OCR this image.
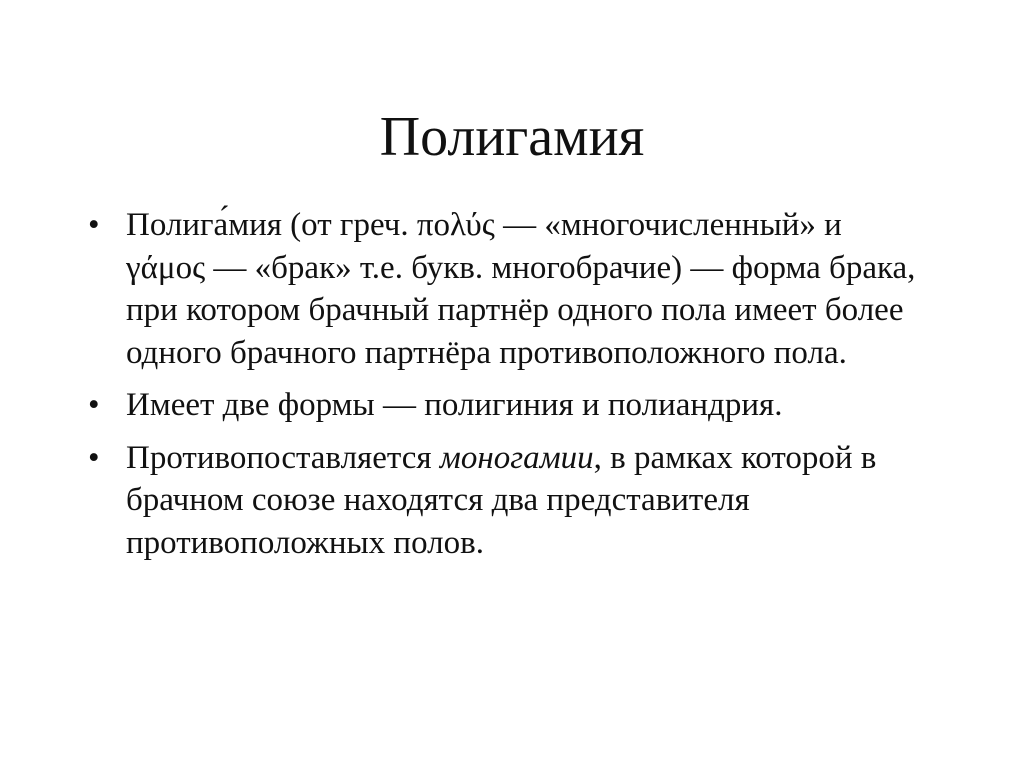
Полигамия
• Полига́мия (от греч. πολύς — «многочисленный» и γάμος — «брак» т.е. букв. многобрачие) — форма брака, при котором брачный партнёр одного пола имеет более одного брачного партнёра противоположного пола.
• Имеет две формы — полигиния и полиандрия.
• Противопоставляется моногамии, в рамках которой в брачном союзе находятся два представителя противоположных полов.
